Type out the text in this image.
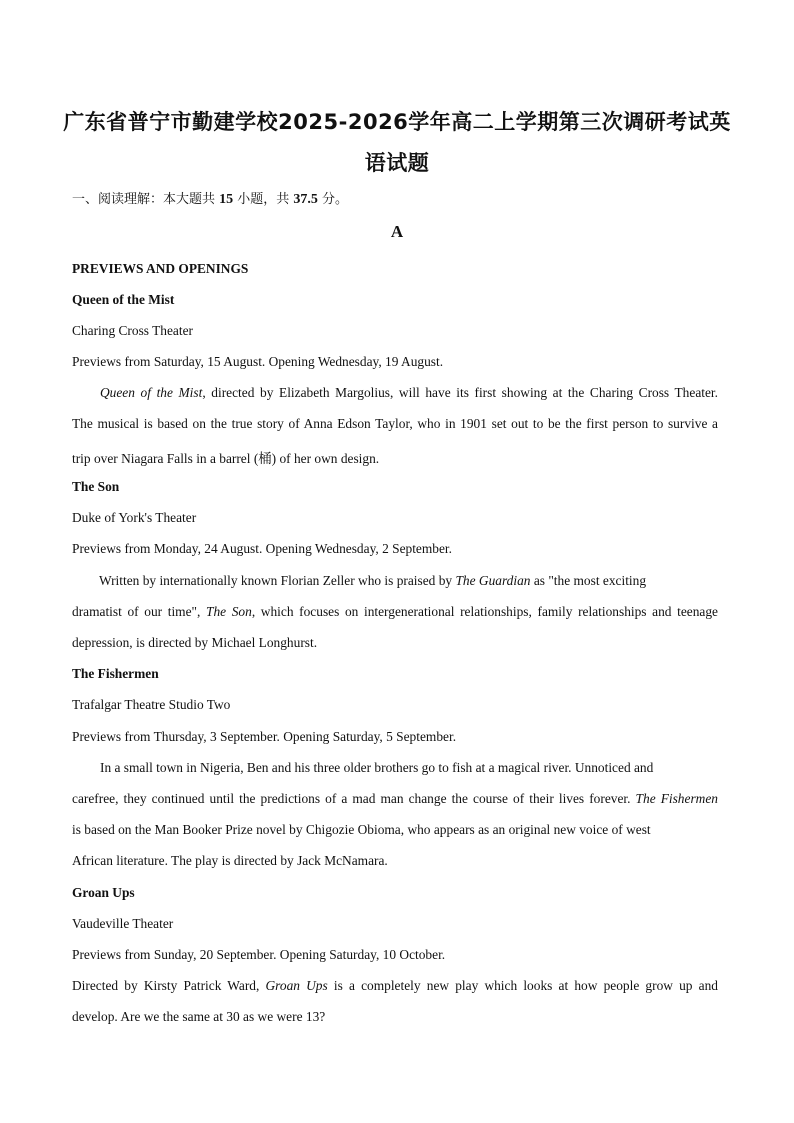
广东省普宁市勤建学校2025-2026学年高二上学期第三次调研考试英
语试题
一、阅读理解：本大题共 15 小题，共 37.5 分。
A
PREVIEWS AND OPENINGS
Queen of the Mist
Charing Cross Theater
Previews from Saturday, 15 August. Opening Wednesday, 19 August.
Queen of the Mist, directed by Elizabeth Margolius, will have its first showing at the Charing Cross Theater.
The musical is based on the true story of Anna Edson Taylor, who in 1901 set out to be the first person to survive a
trip over Niagara Falls in a barrel (桶) of her own design.
The Son
Duke of York's Theater
Previews from Monday, 24 August. Opening Wednesday, 2 September.
Written by internationally known Florian Zeller who is praised by The Guardian as "the most exciting
dramatist of our time", The Son, which focuses on intergenerational relationships, family relationships and teenage
depression, is directed by Michael Longhurst.
The Fishermen
Trafalgar Theatre Studio Two
Previews from Thursday, 3 September. Opening Saturday, 5 September.
In a small town in Nigeria, Ben and his three older brothers go to fish at a magical river. Unnoticed and
carefree, they continued until the predictions of a mad man change the course of their lives forever. The Fishermen
is based on the Man Booker Prize novel by Chigozie Obioma, who appears as an original new voice of west
African literature. The play is directed by Jack McNamara.
Groan Ups
Vaudeville Theater
Previews from Sunday, 20 September. Opening Saturday, 10 October.
Directed by Kirsty Patrick Ward, Groan Ups is a completely new play which looks at how people grow up and
develop. Are we the same at 30 as we were 13?
